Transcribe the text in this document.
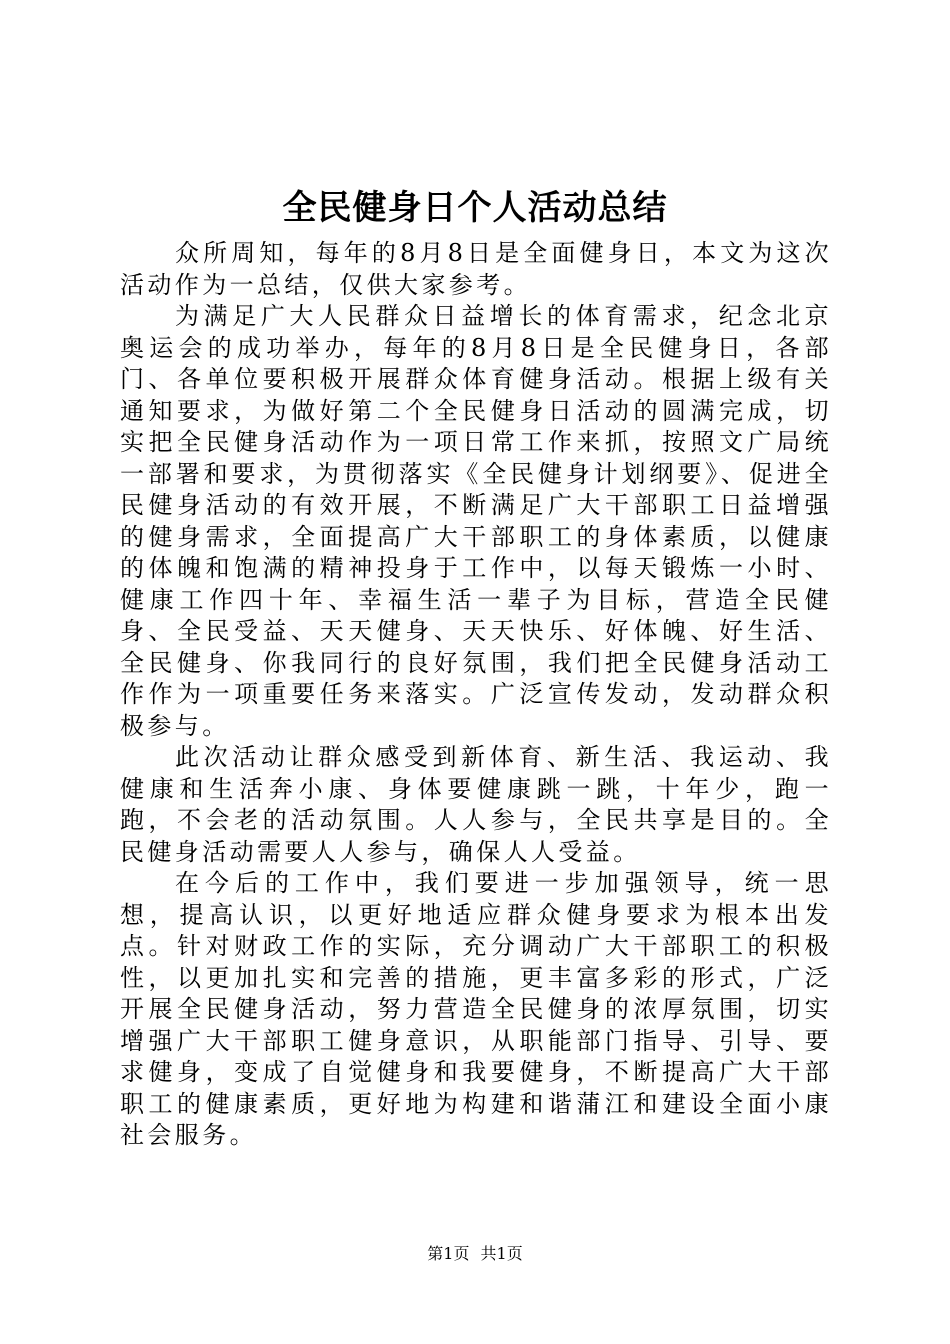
全民健身日个人活动总结

众所周知，每年的8月8日是全面健身日，本文为这次活动作为一总结，仅供大家参考。

为满足广大人民群众日益增长的体育需求，纪念北京奥运会的成功举办，每年的8月8日是全民健身日，各部门、各单位要积极开展群众体育健身活动。根据上级有关通知要求，为做好第二个全民健身日活动的圆满完成，切实把全民健身活动作为一项日常工作来抓，按照文广局统一部署和要求，为贯彻落实《全民健身计划纲要》、促进全民健身活动的有效开展，不断满足广大干部职工日益增强的健身需求，全面提高广大干部职工的身体素质，以健康的体魄和饱满的精神投身于工作中，以每天锻炼一小时、健康工作四十年、幸福生活一辈子为目标，营造全民健身、全民受益、天天健身、天天快乐、好体魄、好生活、全民健身、你我同行的良好氛围，我们把全民健身活动工作作为一项重要任务来落实。广泛宣传发动，发动群众积极参与。

此次活动让群众感受到新体育、新生活、我运动、我健康和生活奔小康、身体要健康跳一跳，十年少，跑一跑，不会老的活动氛围。人人参与，全民共享是目的。全民健身活动需要人人参与，确保人人受益。

在今后的工作中，我们要进一步加强领导，统一思想，提高认识，以更好地适应群众健身要求为根本出发点。针对财政工作的实际，充分调动广大干部职工的积极性，以更加扎实和完善的措施，更丰富多彩的形式，广泛开展全民健身活动，努力营造全民健身的浓厚氛围，切实增强广大干部职工健身意识，从职能部门指导、引导、要求健身，变成了自觉健身和我要健身，不断提高广大干部职工的健康素质，更好地为构建和谐蒲江和建设全面小康社会服务。

第1页 共1页
